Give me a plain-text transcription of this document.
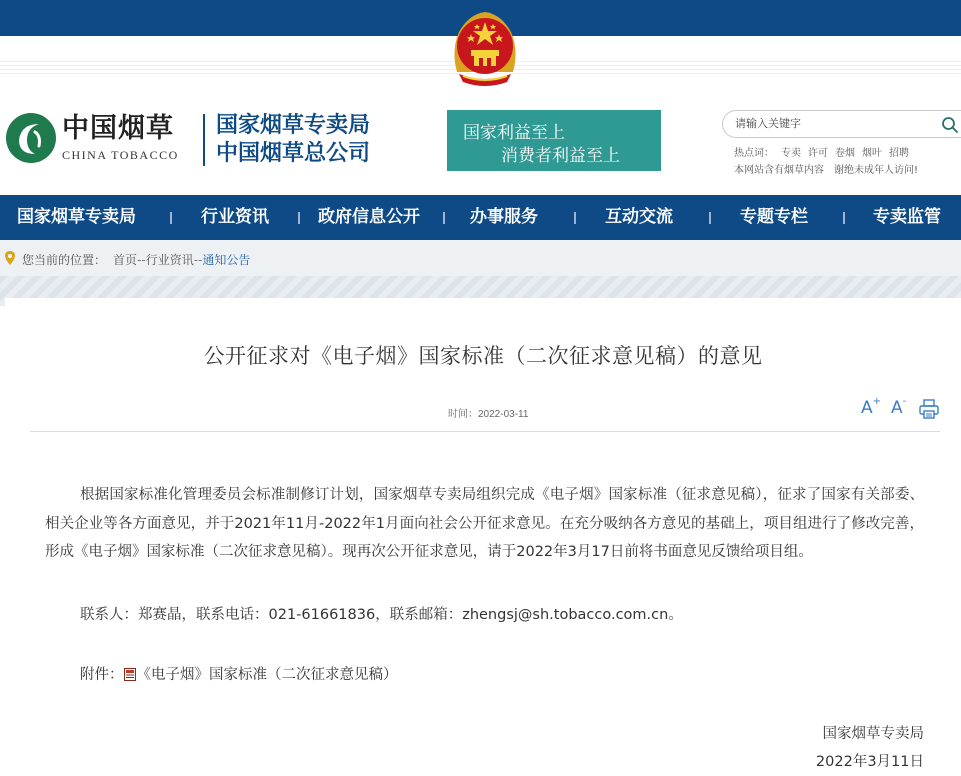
中国烟草
CHINA TOBACCO
国家烟草专卖局
中国烟草总公司
国家利益至上
消费者利益至上
请输入关键字	热点词： 专卖 许可 卷烟 烟叶 招聘
本网站含有烟草内容 谢绝未成年人访问!
国家烟草专卖局	行业资讯	政府信息公开	办事服务	互动交流	专题专栏	专卖监管
您当前的位置： 首页--行业资讯--通知公告
公开征求对《电子烟》国家标准（二次征求意见稿）的意见
时间：2022-03-11	A+ A-

根据国家标准化管理委员会标准制修订计划，国家烟草专卖局组织完成《电子烟》国家标准（征求意见稿），征求了国家有关部委、相关企业等各方面意见，并于2021年11月-2022年1月面向社会公开征求意见。在充分吸纳各方意见的基础上，项目组进行了修改完善，形成《电子烟》国家标准（二次征求意见稿）。现再次公开征求意见，请于2022年3月17日前将书面意见反馈给项目组。

联系人：郑赛晶，联系电话：021-61661836，联系邮箱：zhengsj@sh.tobacco.com.cn。
附件： 《电子烟》国家标准（二次征求意见稿）
国家烟草专卖局
2022年3月11日
